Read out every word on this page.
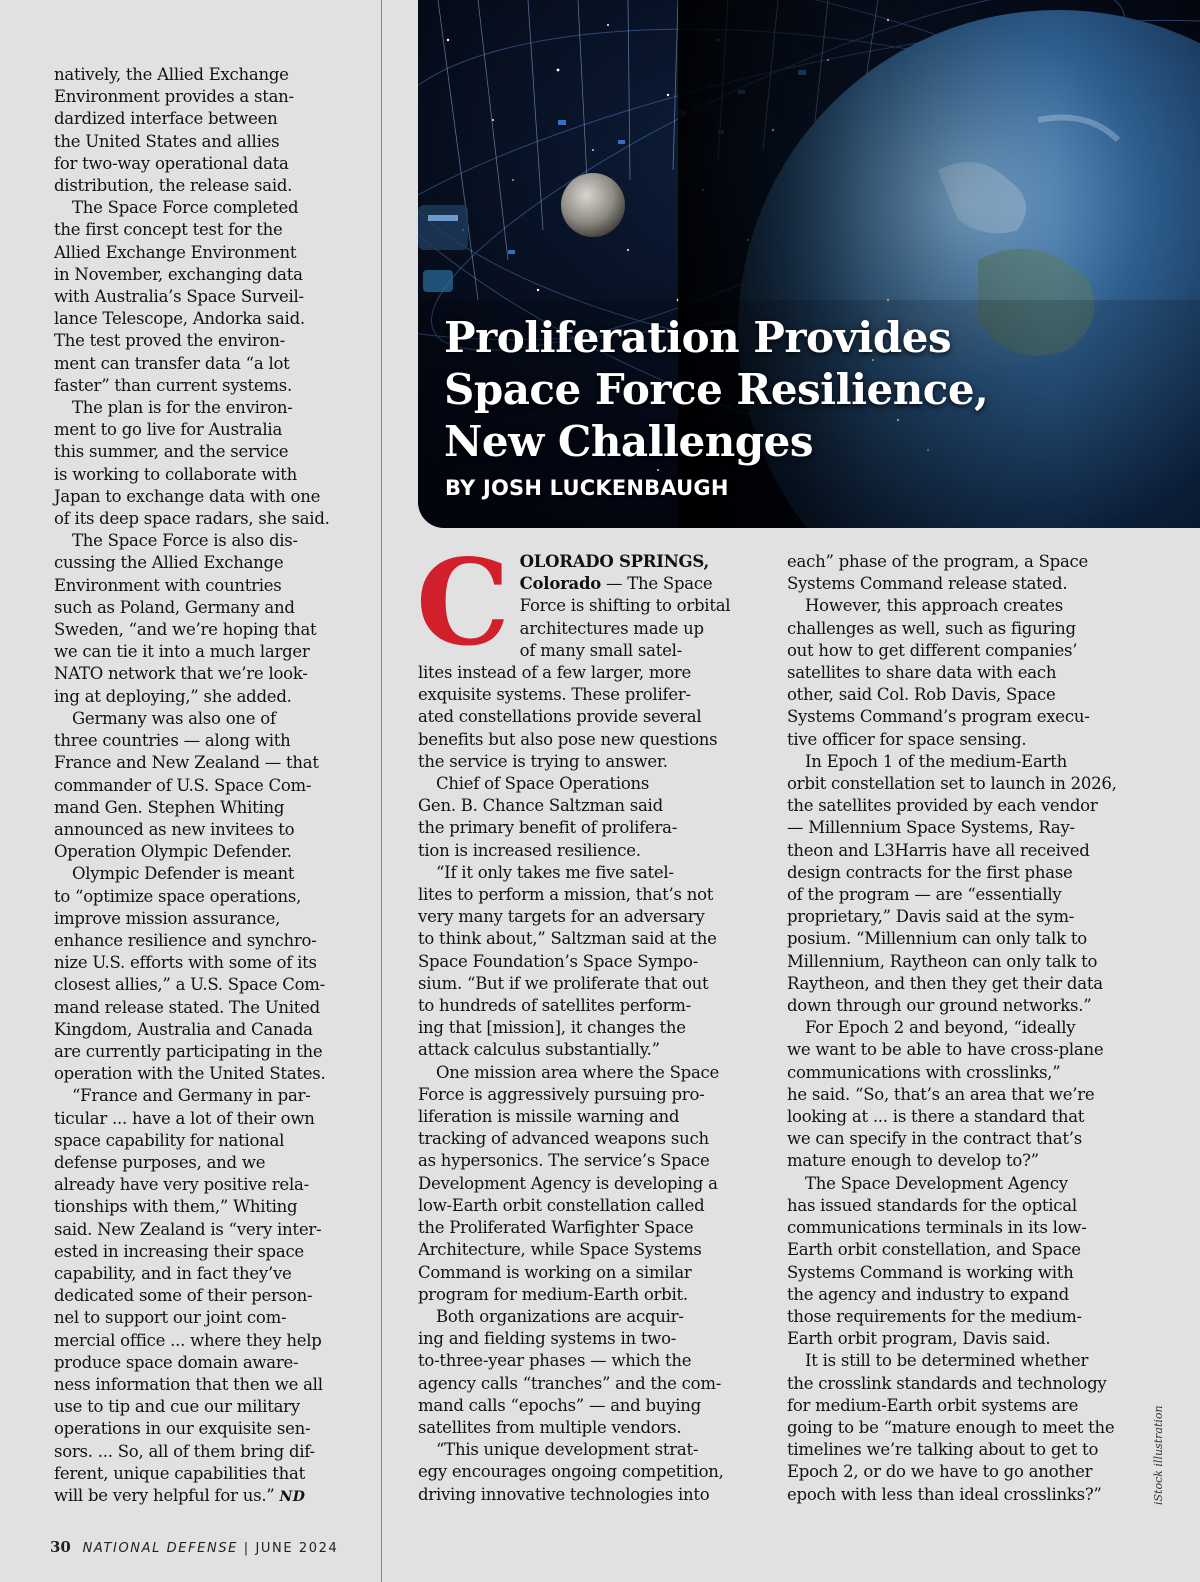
Proliferation Provides
Space Force Resilience,
New Challenges

BY JOSH LUCKENBAUGH

natively, the Allied Exchange
Environment provides a stan-
dardized interface between
the United States and allies
for two-way operational data
distribution, the release said.

The Space Force completed
the first concept test for the
Allied Exchange Environment
in November, exchanging data
with Australia’s Space Surveil-
lance Telescope, Andorka said.
The test proved the environ-
ment can transfer data “a lot
faster” than current systems.

The plan is for the environ-
ment to go live for Australia
this summer, and the service
is working to collaborate with
Japan to exchange data with one
of its deep space radars, she said.

The Space Force is also dis-
cussing the Allied Exchange
Environment with countries
such as Poland, Germany and
Sweden, “and we’re hoping that
we can tie it into a much larger
NATO network that we’re look-
ing at deploying,” she added.

Germany was also one of
three countries — along with
France and New Zealand — that
commander of U.S. Space Com-
mand Gen. Stephen Whiting
announced as new invitees to
Operation Olympic Defender.

Olympic Defender is meant
to “optimize space operations,
improve mission assurance,
enhance resilience and synchro-
nize U.S. efforts with some of its
closest allies,” a U.S. Space Com-
mand release stated. The United
Kingdom, Australia and Canada
are currently participating in the
operation with the United States.

“France and Germany in par-
ticular ... have a lot of their own
space capability for national
defense purposes, and we
already have very positive rela-
tionships with them,” Whiting
said. New Zealand is “very inter-
ested in increasing their space
capability, and in fact they’ve
dedicated some of their person-
nel to support our joint com-
mercial office ... where they help
produce space domain aware-
ness information that then we all
use to tip and cue our military
operations in our exquisite sen-
sors. ... So, all of them bring dif-
ferent, unique capabilities that
will be very helpful for us.” ND

COLORADO SPRINGS,
Colorado — The Space
Force is shifting to orbital
architectures made up
of many small satel-
lites instead of a few larger, more
exquisite systems. These prolifer-
ated constellations provide several
benefits but also pose new questions
the service is trying to answer.

Chief of Space Operations
Gen. B. Chance Saltzman said
the primary benefit of prolifera-
tion is increased resilience.

“If it only takes me five satel-
lites to perform a mission, that’s not
very many targets for an adversary
to think about,” Saltzman said at the
Space Foundation’s Space Sympo-
sium. “But if we proliferate that out
to hundreds of satellites perform-
ing that [mission], it changes the
attack calculus substantially.”

One mission area where the Space
Force is aggressively pursuing pro-
liferation is missile warning and
tracking of advanced weapons such
as hypersonics. The service’s Space
Development Agency is developing a
low-Earth orbit constellation called
the Proliferated Warfighter Space
Architecture, while Space Systems
Command is working on a similar
program for medium-Earth orbit.

Both organizations are acquir-
ing and fielding systems in two-
to-three-year phases — which the
agency calls “tranches” and the com-
mand calls “epochs” — and buying
satellites from multiple vendors.

“This unique development strat-
egy encourages ongoing competition,
driving innovative technologies into

each” phase of the program, a Space
Systems Command release stated.

However, this approach creates
challenges as well, such as figuring
out how to get different companies’
satellites to share data with each
other, said Col. Rob Davis, Space
Systems Command’s program execu-
tive officer for space sensing.

In Epoch 1 of the medium-Earth
orbit constellation set to launch in 2026,
the satellites provided by each vendor
— Millennium Space Systems, Ray-
theon and L3Harris have all received
design contracts for the first phase
of the program — are “essentially
proprietary,” Davis said at the sym-
posium. “Millennium can only talk to
Millennium, Raytheon can only talk to
Raytheon, and then they get their data
down through our ground networks.”

For Epoch 2 and beyond, “ideally
we want to be able to have cross-plane
communications with crosslinks,”
he said. “So, that’s an area that we’re
looking at ... is there a standard that
we can specify in the contract that’s
mature enough to develop to?”

The Space Development Agency
has issued standards for the optical
communications terminals in its low-
Earth orbit constellation, and Space
Systems Command is working with
the agency and industry to expand
those requirements for the medium-
Earth orbit program, Davis said.

It is still to be determined whether
the crosslink standards and technology
for medium-Earth orbit systems are
going to be “mature enough to meet the
timelines we’re talking about to get to
Epoch 2, or do we have to go another
epoch with less than ideal crosslinks?”	iStock illustration
30 NATIONAL DEFENSE | JUNE 2024
